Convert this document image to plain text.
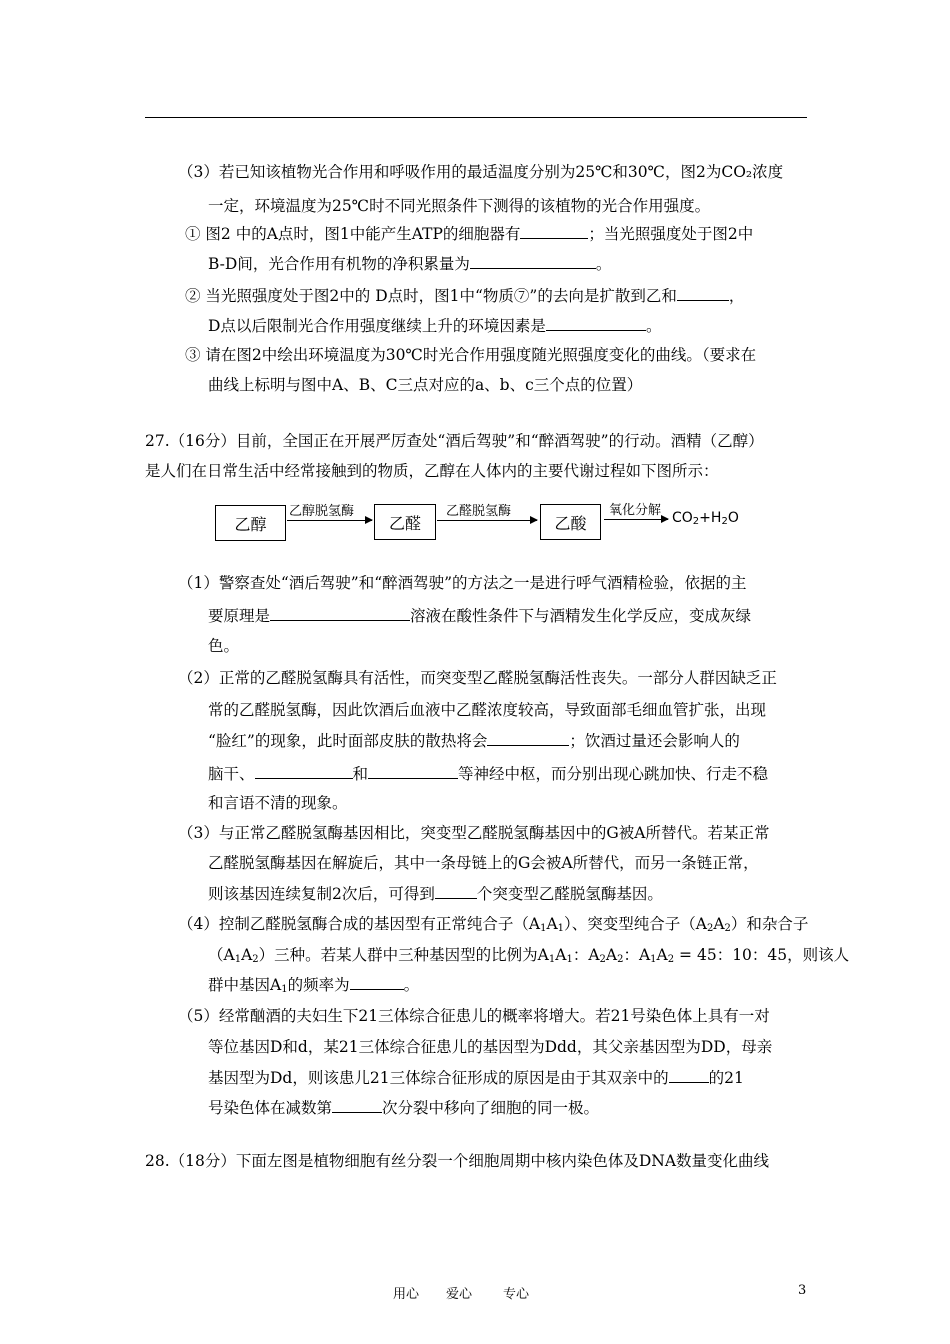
（3）若已知该植物光合作用和呼吸作用的最适温度分别为25℃和30℃，图2为CO₂浓度
一定，环境温度为25℃时不同光照条件下测得的该植物的光合作用强度。
① 图2 中的A点时，图1中能产生ATP的细胞器有	；当光照强度处于图2中
B-D间，光合作用有机物的净积累量为	。
② 当光照强度处于图2中的 D点时，图1中“物质⑦”的去向是扩散到乙和	，
D点以后限制光合作用强度继续上升的环境因素是	。
③ 请在图2中绘出环境温度为30℃时光合作用强度随光照强度变化的曲线。（要求在
曲线上标明与图中A、B、C三点对应的a、b、c三个点的位置）
27.（16分）目前，全国正在开展严厉查处“酒后驾驶”和“醉酒驾驶”的行动。酒精（乙醇）
是人们在日常生活中经常接触到的物质，乙醇在人体内的主要代谢过程如下图所示：
乙醇
乙醇脱氢酶
乙醛
乙醛脱氢酶
乙酸
氧化分解 $CO_2+H_2O$
（1）警察查处“酒后驾驶”和“醉酒驾驶”的方法之一是进行呼气酒精检验，依据的主
要原理是	溶液在酸性条件下与酒精发生化学反应，变成灰绿
色。
（2）正常的乙醛脱氢酶具有活性，而突变型乙醛脱氢酶活性丧失。一部分人群因缺乏正
常的乙醛脱氢酶，因此饮酒后血液中乙醛浓度较高，导致面部毛细血管扩张，出现
“脸红”的现象，此时面部皮肤的散热将会	；饮酒过量还会影响人的
脑干、	和	等神经中枢，而分别出现心跳加快、行走不稳
和言语不清的现象。
（3）与正常乙醛脱氢酶基因相比，突变型乙醛脱氢酶基因中的G被A所替代。若某正常
乙醛脱氢酶基因在解旋后，其中一条母链上的G会被A所替代，而另一条链正常，
则该基因连续复制2次后，可得到	个突变型乙醛脱氢酶基因。
（4）控制乙醛脱氢酶合成的基因型有正常纯合子$(A_1A_1)$、突变型纯合子$(A_2A_2)$和杂合子
$(A_1A_2)$三种。若某人群中三种基因型的比例为$A_1A_1$：$A_2A_2$：$A_1A_2 = 45$：10：45，则该人
群中基因$A_1$的频率为	。
（5）经常酗酒的夫妇生下21三体综合征患儿的概率将增大。若21号染色体上具有一对
等位基因D和d，某21三体综合征患儿的基因型为Ddd，其父亲基因型为DD，母亲
基因型为Dd，则该患儿21三体综合征形成的原因是由于其双亲中的	的21
号染色体在减数第	次分裂中移向了细胞的同一极。
28.（18分）下面左图是植物细胞有丝分裂一个细胞周期中核内染色体及DNA数量变化曲线
用心 爱心 专心	3
